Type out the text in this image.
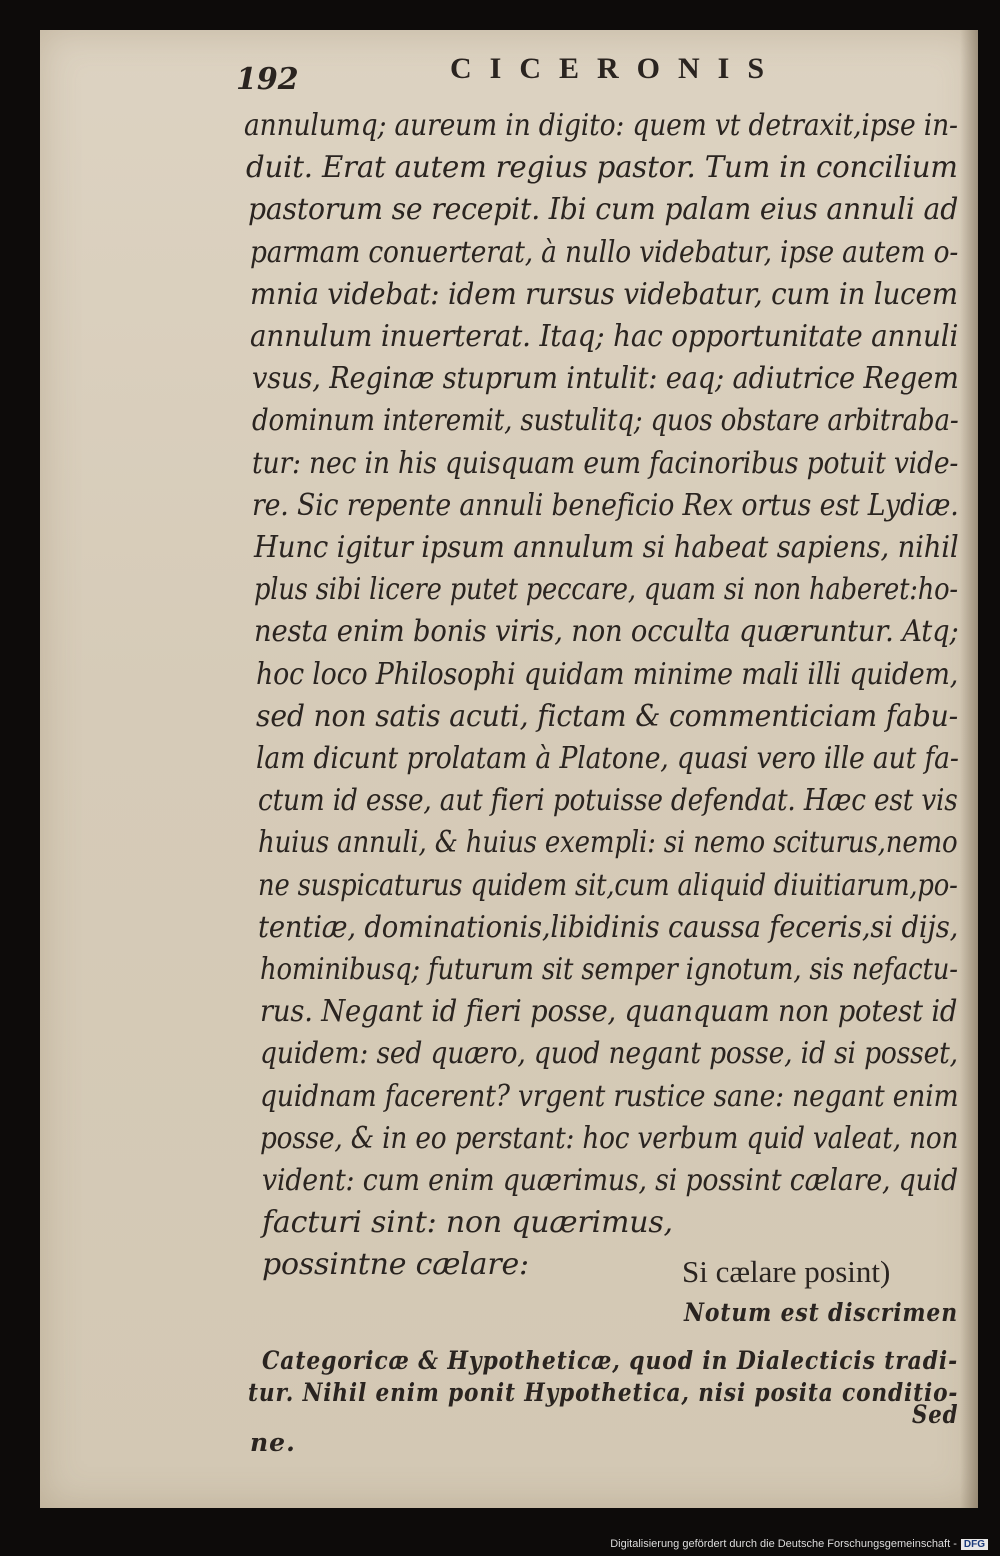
192	CICERONIS
annulumq; aureum in digito: quem vt detraxit,ipse in-
duit. Erat autem regius pastor. Tum in concilium
pastorum se recepit. Ibi cum palam eius annuli ad
parmam conuerterat, à nullo videbatur, ipse autem o-
mnia videbat: idem rursus videbatur, cum in lucem
annulum inuerterat. Itaq; hac opportunitate annuli
vsus, Reginæ stuprum intulit: eaq; adiutrice Regem
dominum interemit, sustulitq; quos obstare arbitraba-
tur: nec in his quisquam eum facinoribus potuit vide-
re. Sic repente annuli beneficio Rex ortus est Lydiæ.
Hunc igitur ipsum annulum si habeat sapiens, nihil
plus sibi licere putet peccare, quam si non haberet:ho-
nesta enim bonis viris, non occulta quæruntur. Atq;
hoc loco Philosophi quidam minime mali illi quidem,
sed non satis acuti, fictam & commenticiam fabu-
lam dicunt prolatam à Platone, quasi vero ille aut fa-
ctum id esse, aut fieri potuisse defendat. Hæc est vis
huius annuli, & huius exempli: si nemo sciturus,nemo
ne suspicaturus quidem sit,cum aliquid diuitiarum,po-
tentiæ, dominationis,libidinis caussa feceris,si dijs,
hominibusq; futurum sit semper ignotum, sis nefactu-
rus. Negant id fieri posse, quanquam non potest id
quidem: sed quæro, quod negant posse, id si posset,
quidnam facerent? vrgent rustice sane: negant enim
posse, & in eo perstant: hoc verbum quid valeat, non
vident: cum enim quærimus, si possint cælare, quid
facturi sint: non quærimus,
possintne cælare:	Si cælare posint)
Notum est discrimen
Categoricæ & Hypotheticæ, quod in Dialecticis tradi-
tur. Nihil enim ponit Hypothetica, nisi posita conditio-
Sed
ne.
Digitalisierung gefördert durch die Deutsche Forschungsgemeinschaft - DFG
